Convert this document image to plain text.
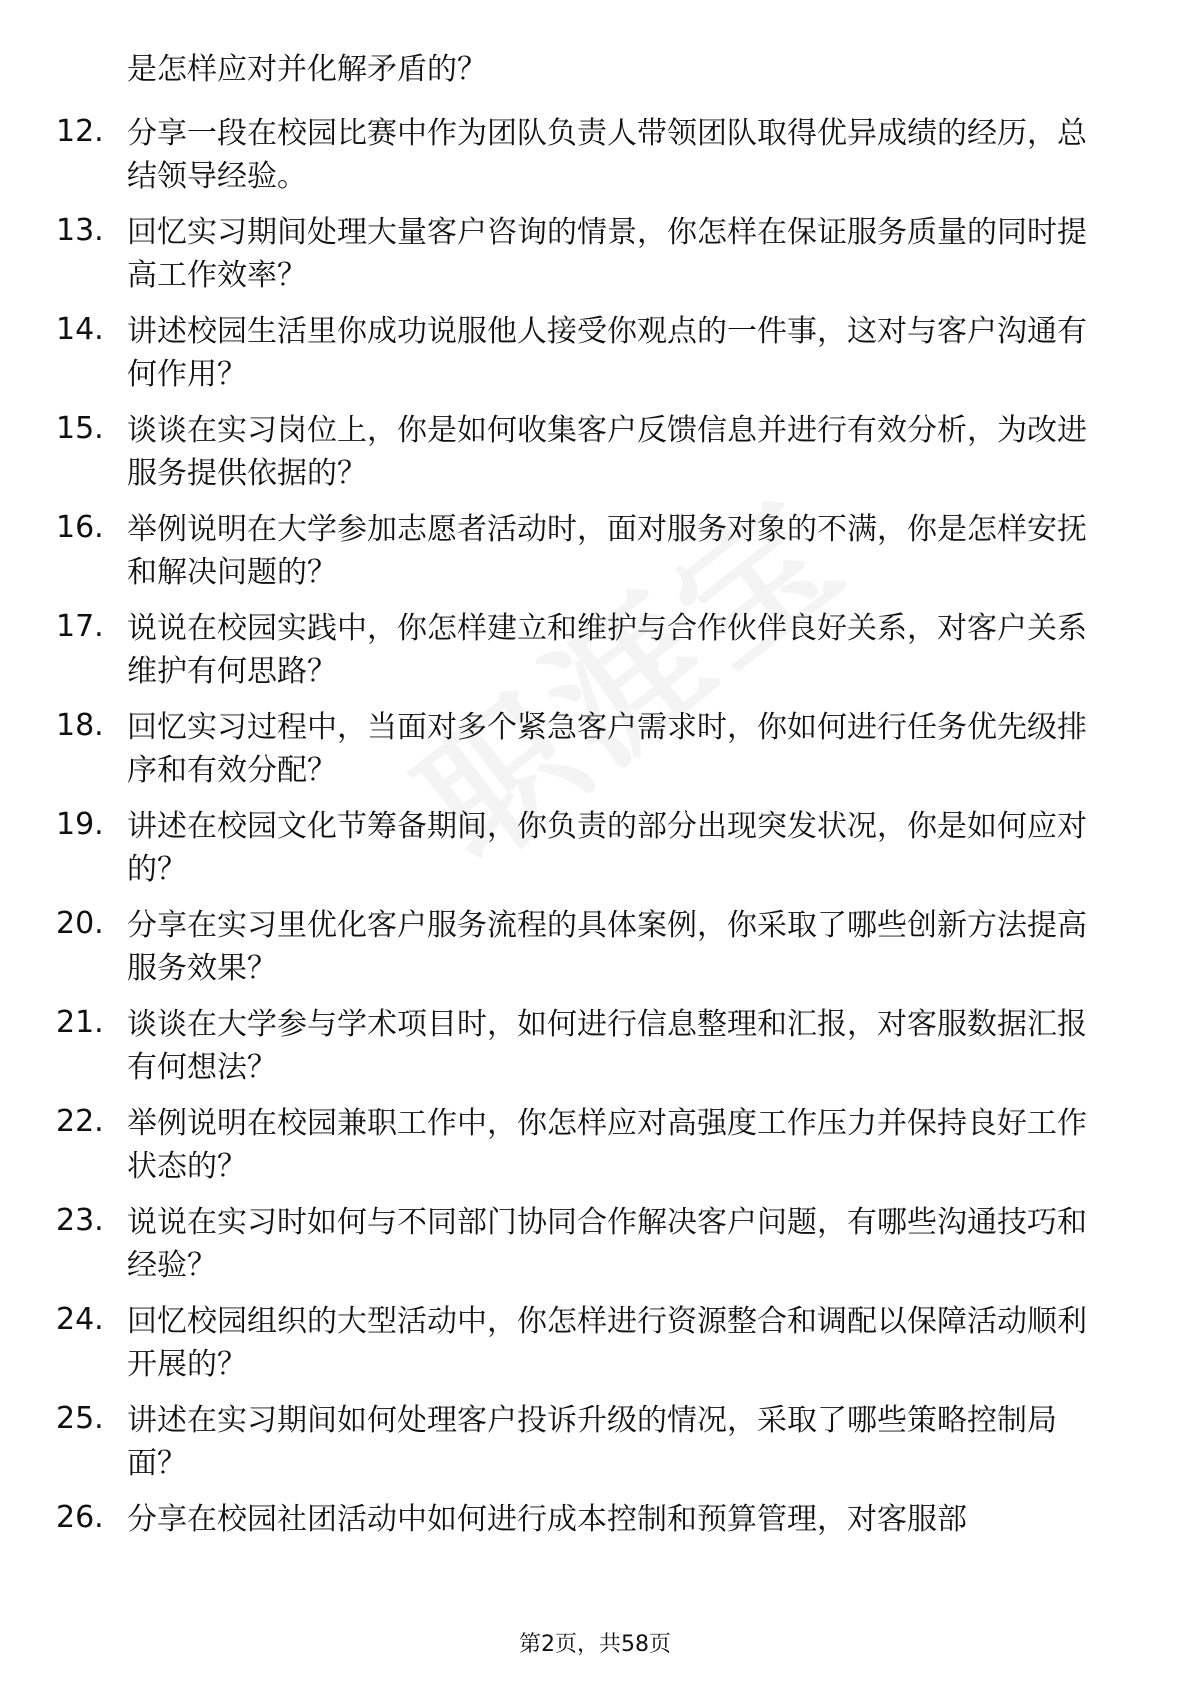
是怎样应对并化解矛盾的？
12. 分享一段在校园比赛中作为团队负责人带领团队取得优异成绩的经历，总结领导经验。
13. 回忆实习期间处理大量客户咨询的情景，你怎样在保证服务质量的同时提高工作效率？
14. 讲述校园生活里你成功说服他人接受你观点的一件事，这对与客户沟通有何作用？
15. 谈谈在实习岗位上，你是如何收集客户反馈信息并进行有效分析，为改进服务提供依据的？
16. 举例说明在大学参加志愿者活动时，面对服务对象的不满，你是怎样安抚和解决问题的？
17. 说说在校园实践中，你怎样建立和维护与合作伙伴良好关系，对客户关系维护有何思路？
18. 回忆实习过程中，当面对多个紧急客户需求时，你如何进行任务优先级排序和有效分配？
19. 讲述在校园文化节筹备期间，你负责的部分出现突发状况，你是如何应对的？
20. 分享在实习里优化客户服务流程的具体案例，你采取了哪些创新方法提高服务效果？
21. 谈谈在大学参与学术项目时，如何进行信息整理和汇报，对客服数据汇报有何想法？
22. 举例说明在校园兼职工作中，你怎样应对高强度工作压力并保持良好工作状态的？
23. 说说在实习时如何与不同部门协同合作解决客户问题，有哪些沟通技巧和经验？
24. 回忆校园组织的大型活动中，你怎样进行资源整合和调配以保障活动顺利开展的？
25. 讲述在实习期间如何处理客户投诉升级的情况，采取了哪些策略控制局面？
26. 分享在校园社团活动中如何进行成本控制和预算管理，对客服部
第2页，共58页
